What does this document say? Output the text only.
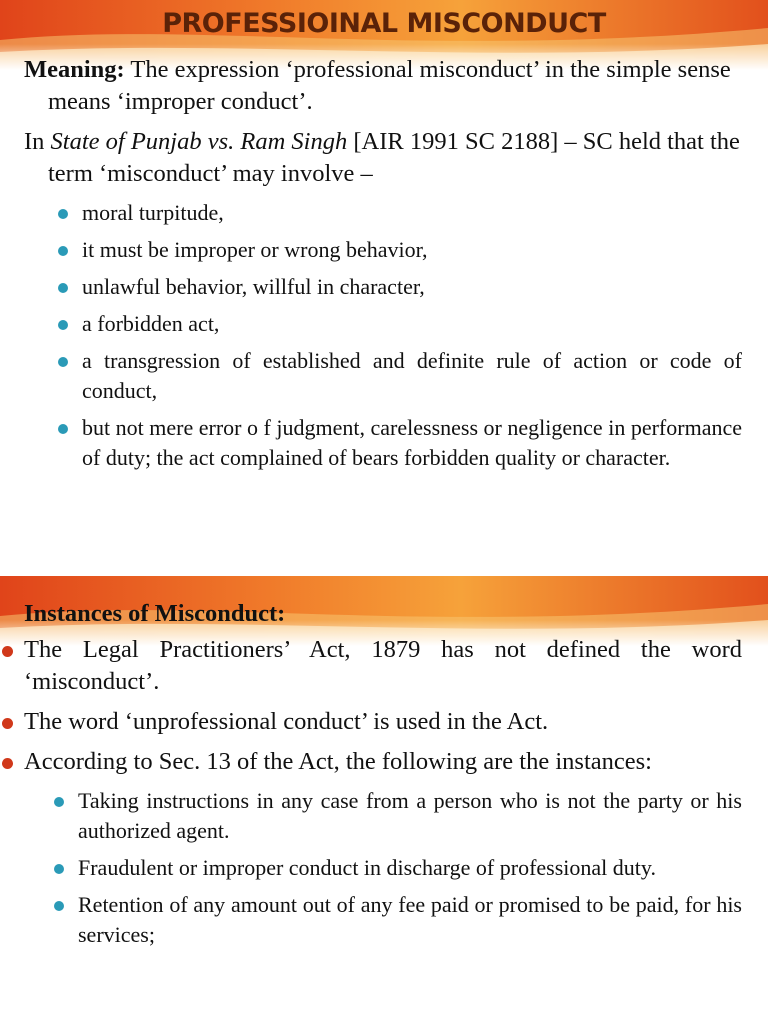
PROFESSIOINAL MISCONDUCT

Meaning: The expression ‘professional misconduct’ in the simple sense means ‘improper conduct’.

In State of Punjab vs. Ram Singh [AIR 1991 SC 2188] – SC held that the term ‘misconduct’ may involve –

moral turpitude,
it must be improper or wrong behavior,
unlawful behavior, willful in character,
a forbidden act,
a transgression of established and definite rule of action or code of conduct,
but not mere error o f judgment, carelessness or negligence in performance of duty; the act complained of bears forbidden quality or character.

Instances of Misconduct:

The Legal Practitioners’ Act, 1879 has not defined the word ‘misconduct’.
The word ‘unprofessional conduct’ is used in the Act.
According to Sec. 13 of the Act, the following are the instances:
Taking instructions in any case from a person who is not the party or his authorized agent.
Fraudulent or improper conduct in discharge of professional duty.
Retention of any amount out of any fee paid or promised to be paid, for his services;
